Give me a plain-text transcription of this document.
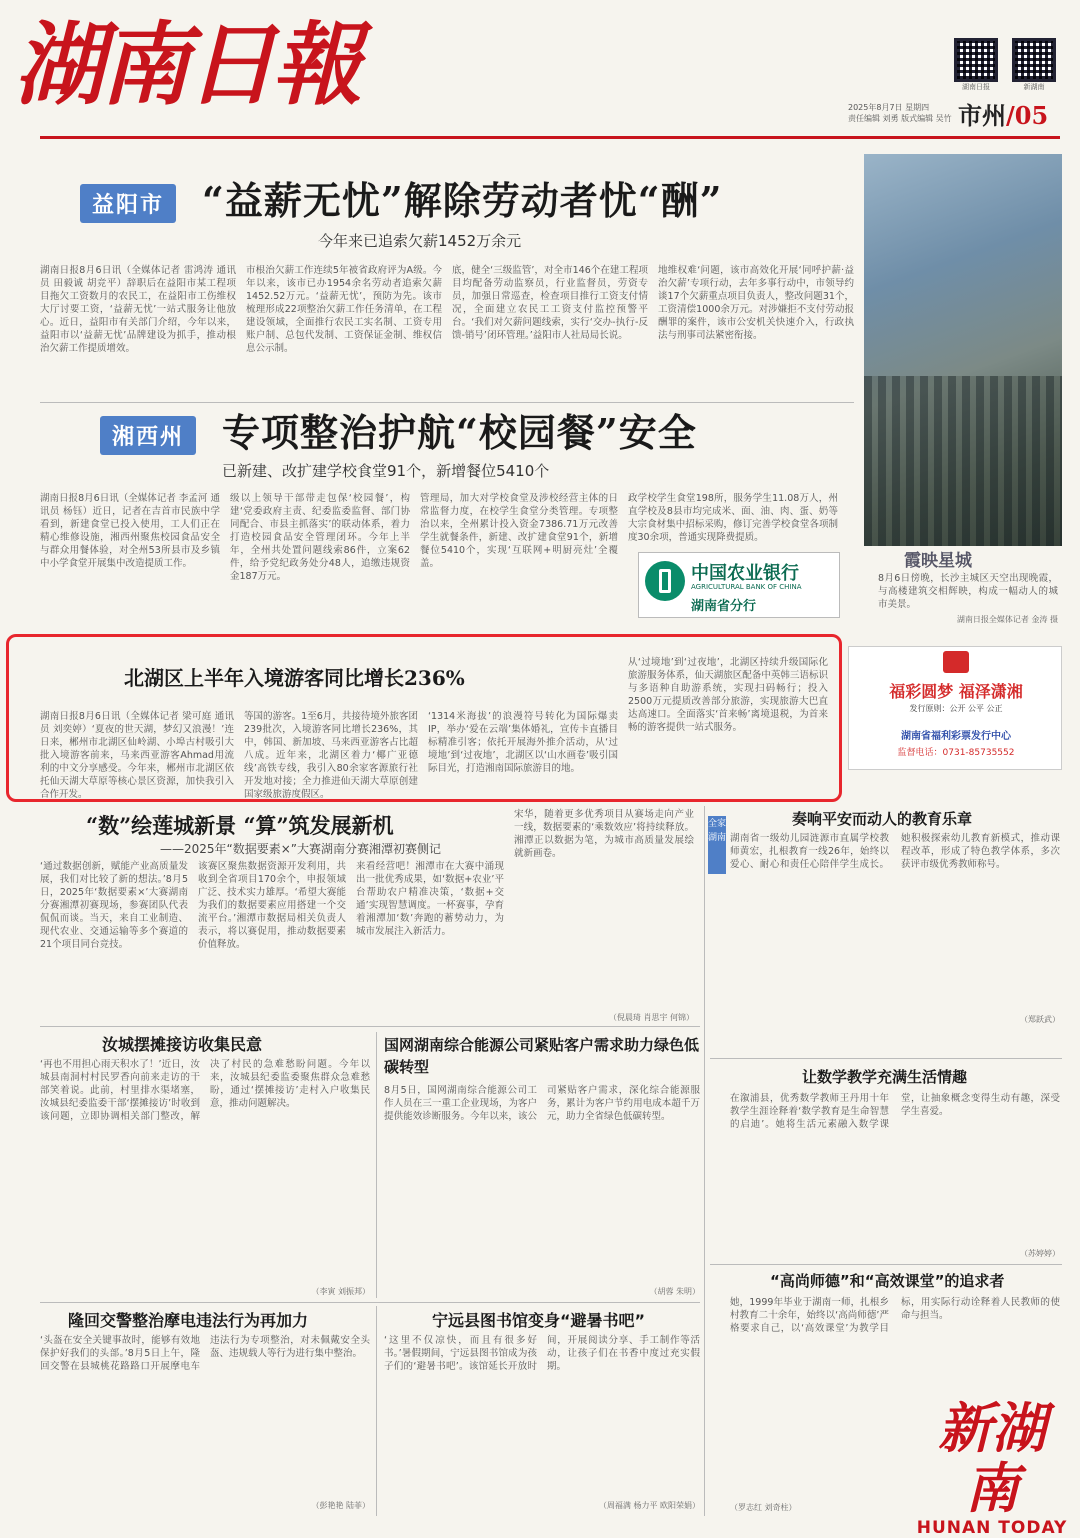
湖南日報	湖南日报	新湖南
2025年8月7日 星期四
责任编辑 刘勇 版式编辑 吴竹 市州/05
益阳市 “益薪无忧”解除劳动者忧“酬”
今年来已追索欠薪1452万余元
湖南日报8月6日讯（全媒体记者 雷鸿涛 通讯员 田毅诚 胡竞平）辞职后在益阳市某工程项目拖欠工资数月的农民工，在益阳市工伤维权大厅讨要工资，‘益薪无忧’一站式服务让他放心。近日，益阳市有关部门介绍，今年以来，益阳市以‘益薪无忧’品牌建设为抓手，推动根治欠薪工作提质增效。
市根治欠薪工作连续5年被省政府评为A级。今年以来，该市已办1954余名劳动者追索欠薪1452.52万元。‘益薪无忧’，预防为先。该市梳理形成22项整治欠薪工作任务清单，在工程建设领域，全面推行农民工实名制、工资专用账户制、总包代发制、工资保证金制、维权信息公示制。
底，健全‘三级监管’，对全市146个在建工程项目均配备劳动监察员，行业监督员，劳资专员，加强日常巡查，检查项目推行工资支付情况，全面建立农民工工资支付监控预警平台。‘我们对欠薪问题线索，实行‘交办-执行-反馈-销号’闭环管理。’益阳市人社局局长说。
地维权难‘问题，该市高效化开展‘同呼护薪·益治欠薪’专项行动，去年多事行动中，市领导约谈17个欠薪重点项目负责人，整改问题31个，工资清偿1000余万元。对涉嫌拒不支付劳动报酬罪的案件，该市公安机关快速介入，行政执法与刑事司法紧密衔接。
湘西州 专项整治护航“校园餐”安全
已新建、改扩建学校食堂91个，新增餐位5410个
湖南日报8月6日讯（全媒体记者 李孟河 通讯员 杨钰）近日，记者在吉首市民族中学看到，新建食堂已投入使用，工人们正在精心维修设施，湘西州聚焦校园食品安全与群众用餐体验，对全州53所县市及乡镇中小学食堂开展集中改造提质工作。
级以上领导干部带走包保‘校园餐’，构建‘党委政府主责、纪委监委监督、部门协同配合、市县主抓落实’的联动体系，着力打造校园食品安全管理闭环。今年上半年，全州共处置问题线索86件，立案62件，给予党纪政务处分48人，追缴违规资金187万元。
管理局，加大对学校食堂及涉校经营主体的日常监督力度，在校学生食堂分类管理。专项整治以来，全州累计投入资金7386.71万元改善学生就餐条件，新建、改扩建食堂91个，新增餐位5410个，实现‘互联网+明厨亮灶’全覆盖。
政学校学生食堂198所，服务学生11.08万人，州直学校及8县市均完成米、面、油、肉、蛋、奶等大宗食材集中招标采购，修订完善学校食堂各项制度30余项，普通实现降费提质。
中国农业银行
AGRICULTURAL BANK OF CHINA
湖南省分行
霞映星城
8月6日傍晚，长沙主城区天空出现晚霞，与高楼建筑交相辉映，构成一幅动人的城市美景。
湖南日报全媒体记者 金涛 摄
北湖区上半年入境游客同比增长236%
湖南日报8月6日讯（全媒体记者 梁可庭 通讯员 刘奕婷）‘夏夜的世天湖，梦幻又浪漫！’连日来，郴州市北湖区仙岭湖、小埠古村吸引大批入境游客前来，马来西亚游客Ahmad用流利的中文分享感受。今年来，郴州市北湖区依托仙天湖大草原等核心景区资源，加快我引入合作开发。
等国的游客。1至6月，共接待境外旅客团239批次，入境游客同比增长236%，其中，韩国、新加坡、马来西亚游客占比超八成。近年来，北湖区着力‘椰广亚德线’高铁专线，我引入80余家客源旅行社开发地对接；全力推进仙天湖大草原创建国家级旅游度假区。
‘1314米海拔’的浪漫符号转化为国际爆卖IP，举办‘爱在云端’集体婚礼，宣传卡直播目标精准引客；依托开展海外推介活动，从‘过境地’到‘过夜地’，北湖区以‘山水画卷’吸引国际目光，打造湘南国际旅游目的地。
从‘过境地’到‘过夜地’，北湖区持续升级国际化旅游服务体系，仙天湖旅区配备中英韩三语标识与多语种自助游系统，实现扫码畅行；投入2500万元提质改善部分旅游，实现旅游大巴直达高速口。全面落实‘首来畅’离境退税，为首来畅的游客提供一站式服务。
福彩圆梦 福泽潇湘
发行原则：公开 公平 公正
湖南省福利彩票发行中心
监督电话：0731-85735552
“数”绘莲城新景 “算”筑发展新机
——2025年“数据要素×”大赛湖南分赛湘潭初赛侧记
‘通过数据创新，赋能产业高质量发展，我们对比较了新的想法。’8月5日，2025年‘数据要素×’大赛湖南分赛湘潭初赛现场，参赛团队代表侃侃而谈。当天，来自工业制造、现代农业、交通运输等多个赛道的21个项目同台竞技。
该赛区聚焦数据资源开发利用，共收到全省项目170余个，申报领域广泛、技术实力雄厚。‘希望大赛能为我们的数据要素应用搭建一个交流平台。’湘潭市数据局相关负责人表示，将以赛促用，推动数据要素价值释放。
来看经营吧！湘潭市在大赛中涌现出一批优秀成果，如‘数据+农业’平台帮助农户精准决策，‘数据+交通’实现智慧调度。一杯赛事，孕育着湘潭加‘数’奔跑的蓄势动力，为城市发展注入新活力。
宋华，随着更多优秀项目从赛场走向产业一线，数据要素的‘乘数效应’将持续释放。湘潭正以数据为笔，为城市高质量发展绘就新画卷。
（倪晨琦 肖思宇 何锦）
全家湖南
奏响平安而动人的教育乐章
湖南省一级幼儿园涟源市直属学校教师黄宏，扎根教育一线26年，始终以爱心、耐心和责任心陪伴学生成长。她积极探索幼儿教育新模式，推动课程改革，形成了特色教学体系，多次获评市级优秀教师称号。
（郑跃武）
汝城摆摊接访收集民意
‘再也不用担心雨天积水了！’近日，汝城县南洞村村民罗香向前来走访的干部笑着说。此前，村里排水渠堵塞，汝城县纪委监委干部‘摆摊接访’时收到该问题，立即协调相关部门整改，解决了村民的急难愁盼问题。今年以来，汝城县纪委监委聚焦群众急难愁盼，通过‘摆摊接访’走村入户收集民意，推动问题解决。
（李寅 刘振邦）
国网湖南综合能源公司紧贴客户需求助力绿色低碳转型
8月5日，国网湖南综合能源公司工作人员在三一重工企业现场，为客户提供能效诊断服务。今年以来，该公司紧贴客户需求，深化综合能源服务，累计为客户节约用电成本超千万元，助力全省绿色低碳转型。
（胡蓉 朱明）
让数学教学充满生活情趣
在溆浦县，优秀数学教师王丹用十年教学生涯诠释着‘数学教育是生命智慧的启迪’。她将生活元素融入数学课堂，让抽象概念变得生动有趣，深受学生喜爱。
（苏婷婷）
“高尚师德”和“高效课堂”的追求者
她，1999年毕业于湖南一师，扎根乡村教育二十余年，始终以‘高尚师德’严格要求自己，以‘高效课堂’为教学目标，用实际行动诠释着人民教师的使命与担当。
（罗志红 刘奇柱）
隆回交警整治摩电违法行为再加力
‘头盔在安全关键事故时，能够有效地保护好我们的头部。’8月5日上午，隆回交警在县城桃花路路口开展摩电车违法行为专项整治，对未佩戴安全头盔、违规载人等行为进行集中整治。
（彭艳艳 陆菲）
宁远县图书馆变身“避暑书吧”
‘这里不仅凉快，而且有很多好书。’暑假期间，宁远县图书馆成为孩子们的‘避暑书吧’。该馆延长开放时间，开展阅读分享、手工制作等活动，让孩子们在书香中度过充实假期。
（周福满 杨力平 欧阳荣娟）
新湖南
HUNAN TODAY
